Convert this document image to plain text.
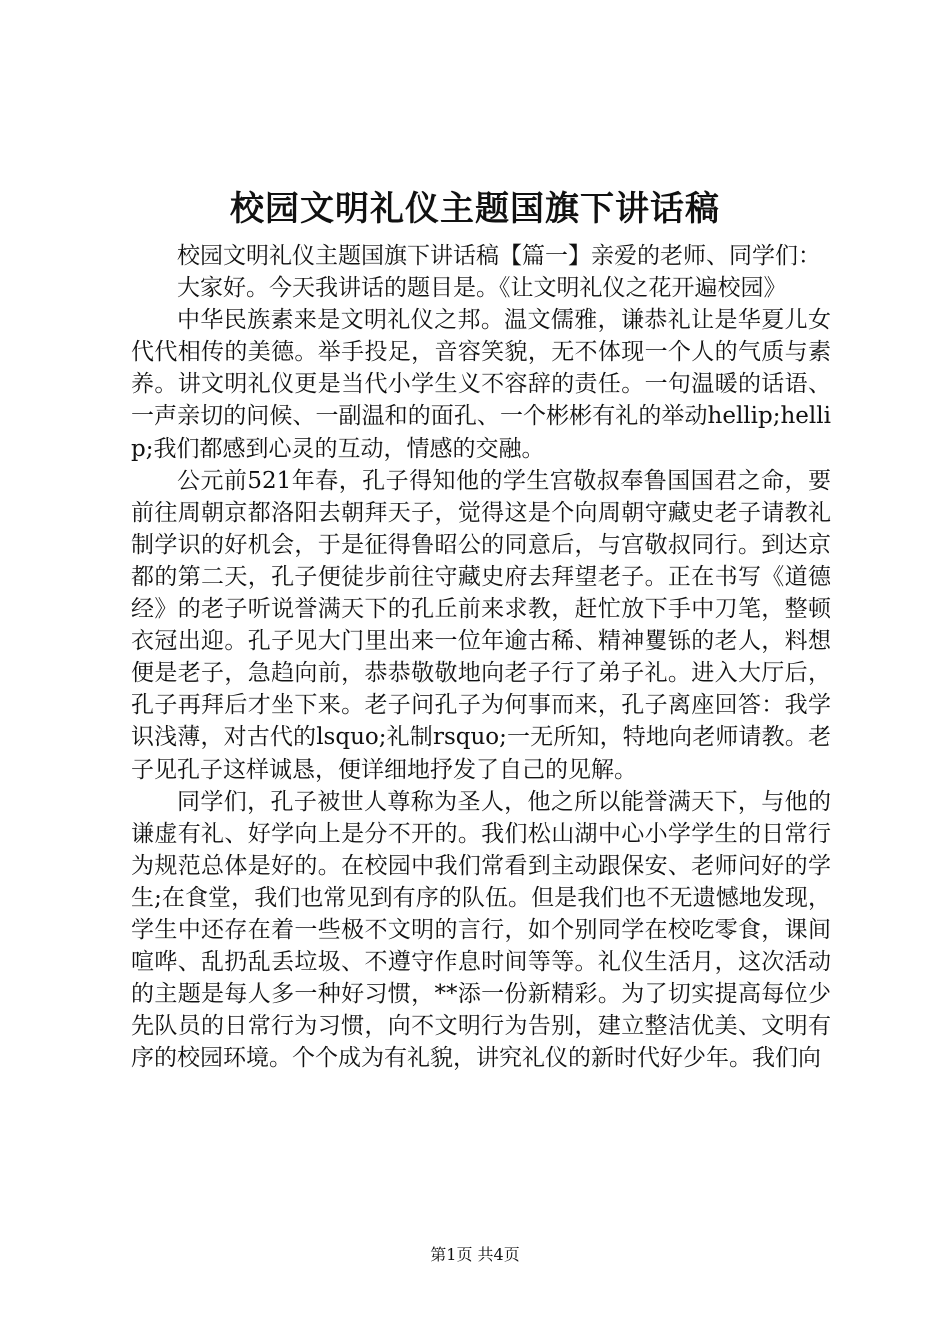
校园文明礼仪主题国旗下讲话稿

校园文明礼仪主题国旗下讲话稿【篇一】亲爱的老师、同学们：

大家好。今天我讲话的题目是。《让文明礼仪之花开遍校园》

中华民族素来是文明礼仪之邦。温文儒雅，谦恭礼让是华夏儿女代代相传的美德。举手投足，音容笑貌，无不体现一个人的气质与素养。讲文明礼仪更是当代小学生义不容辞的责任。一句温暖的话语、一声亲切的问候、一副温和的面孔、一个彬彬有礼的举动hellip;hellip;我们都感到心灵的互动，情感的交融。

公元前521年春，孔子得知他的学生宫敬叔奉鲁国国君之命，要前往周朝京都洛阳去朝拜天子，觉得这是个向周朝守藏史老子请教礼制学识的好机会，于是征得鲁昭公的同意后，与宫敬叔同行。到达京都的第二天，孔子便徒步前往守藏史府去拜望老子。正在书写《道德经》的老子听说誉满天下的孔丘前来求教，赶忙放下手中刀笔，整顿衣冠出迎。孔子见大门里出来一位年逾古稀、精神矍铄的老人，料想便是老子，急趋向前，恭恭敬敬地向老子行了弟子礼。进入大厅后，孔子再拜后才坐下来。老子问孔子为何事而来，孔子离座回答：我学识浅薄，对古代的lsquo;礼制rsquo;一无所知，特地向老师请教。老子见孔子这样诚恳，便详细地抒发了自己的见解。

同学们，孔子被世人尊称为圣人，他之所以能誉满天下，与他的谦虚有礼、好学向上是分不开的。我们松山湖中心小学学生的日常行为规范总体是好的。在校园中我们常看到主动跟保安、老师问好的学生;在食堂，我们也常见到有序的队伍。但是我们也不无遗憾地发现，学生中还存在着一些极不文明的言行，如个别同学在校吃零食，课间喧哗、乱扔乱丢垃圾、不遵守作息时间等等。礼仪生活月，这次活动的主题是每人多一种好习惯，**添一份新精彩。为了切实提高每位少先队员的日常行为习惯，向不文明行为告别，建立整洁优美、文明有序的校园环境。个个成为有礼貌，讲究礼仪的新时代好少年。我们向

第1页 共4页
